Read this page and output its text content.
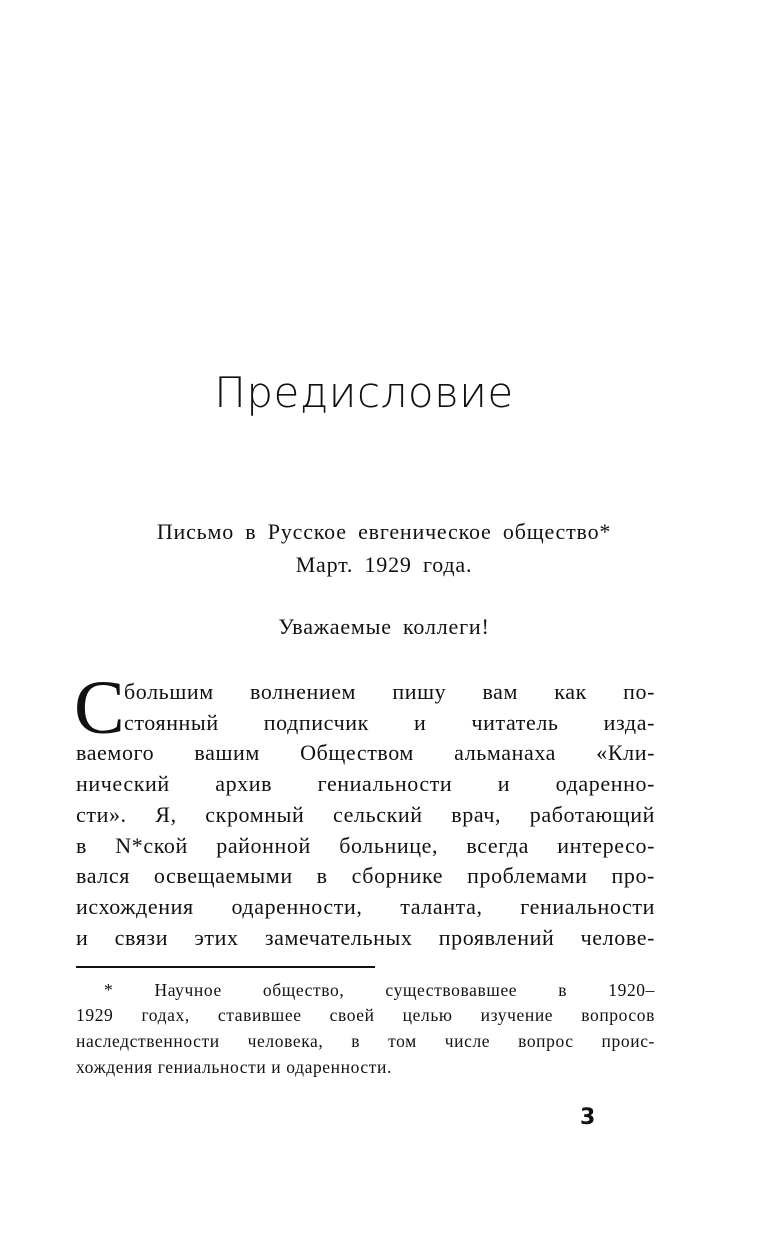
Предисловие
Письмо в Русское евгеническое общество*
Март. 1929 года.
Уважаемые коллеги!
С большим волнением пишу вам как по-
стоянный подписчик и читатель изда-
ваемого вашим Обществом альманаха «Кли-
нический архив гениальности и одаренно-
сти». Я, скромный сельский врач, работающий
в N*ской районной больнице, всегда интересо-
вался освещаемыми в сборнике проблемами про-
исхождения одаренности, таланта, гениальности
и связи этих замечательных проявлений челове-
* Научное общество, существовавшее в 1920–
1929 годах, ставившее своей целью изучение вопросов
наследственности человека, в том числе вопрос проис-
хождения гениальности и одаренности.
3
